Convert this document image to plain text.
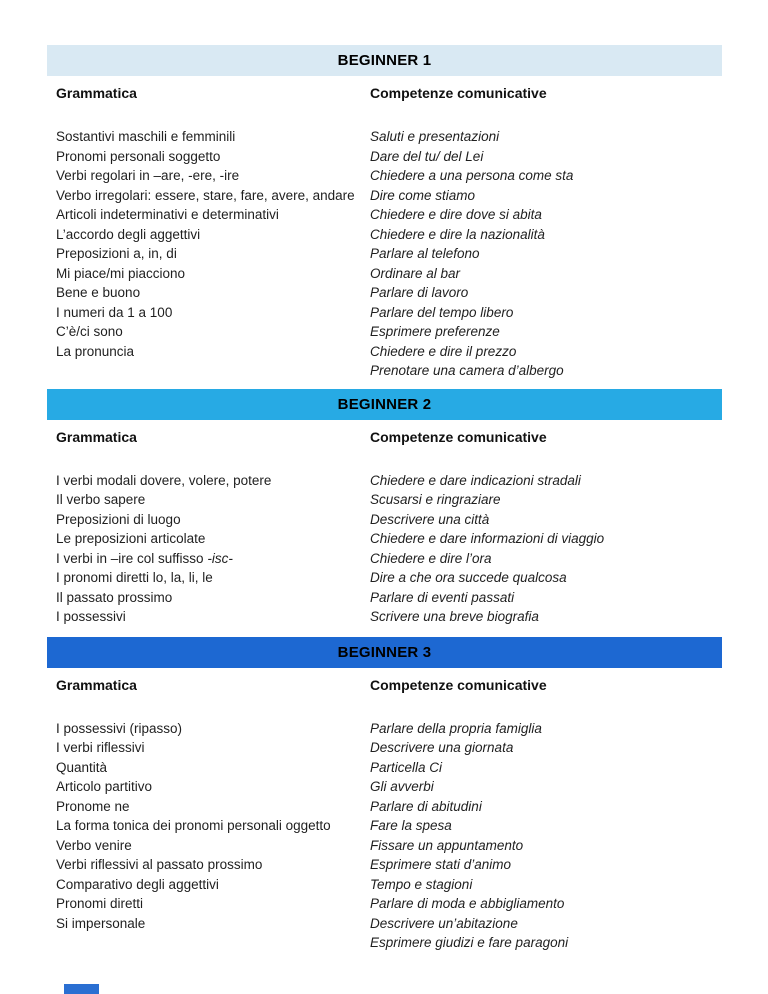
BEGINNER 1
Grammatica
Sostantivi maschili e femminili
Pronomi personali soggetto
Verbi regolari in –are, -ere, -ire
Verbo irregolari: essere, stare, fare, avere, andare
Articoli indeterminativi e determinativi
L’accordo degli aggettivi
Preposizioni a, in, di
Mi piace/mi piacciono
Bene e buono
I numeri da 1 a 100
C’è/ci sono
La pronuncia
Competenze comunicative
Saluti e presentazioni
Dare del tu/ del Lei
Chiedere a una persona come sta
Dire come stiamo
Chiedere e dire dove si abita
Chiedere e dire la nazionalità
Parlare al telefono
Ordinare al bar
Parlare di lavoro
Parlare del tempo libero
Esprimere preferenze
Chiedere e dire il prezzo
Prenotare una camera d’albergo
BEGINNER 2
Grammatica
I verbi modali dovere, volere, potere
Il verbo sapere
Preposizioni di luogo
Le preposizioni articolate
I verbi in –ire col suffisso -isc-
I pronomi diretti lo, la, li, le
Il passato prossimo
I possessivi
Competenze comunicative
Chiedere e dare indicazioni stradali
Scusarsi e ringraziare
Descrivere una città
Chiedere e dare informazioni di viaggio
Chiedere e dire l’ora
Dire a che ora succede qualcosa
Parlare di eventi passati
Scrivere una breve biografia
BEGINNER 3
Grammatica
I possessivi (ripasso)
I verbi riflessivi
Quantità
Articolo partitivo
Pronome ne
La forma tonica dei pronomi personali oggetto
Verbo venire
Verbi riflessivi al passato prossimo
Comparativo degli aggettivi
Pronomi diretti
Si impersonale
Competenze comunicative
Parlare della propria famiglia
Descrivere una giornata
Particella Ci
Gli avverbi
Parlare di abitudini
Fare la spesa
Fissare un appuntamento
Esprimere stati d’animo
Tempo e stagioni
Parlare di moda e abbigliamento
Descrivere un’abitazione
Esprimere giudizi e fare paragoni
